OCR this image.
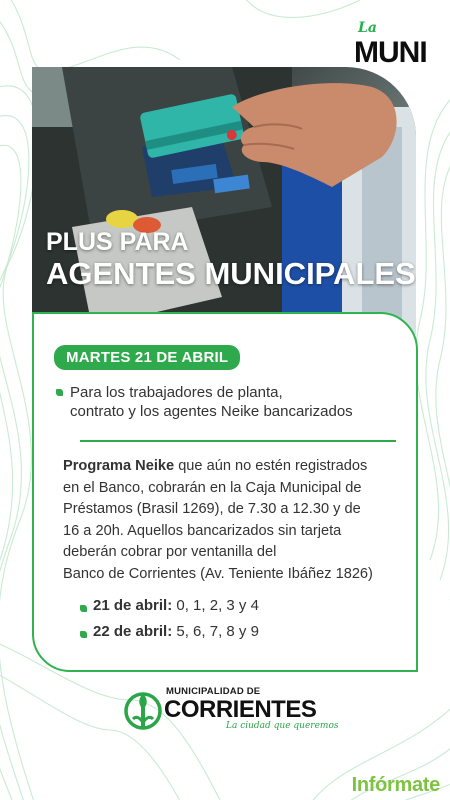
La
MUNI
PLUS PARA
AGENTES MUNICIPALES
MARTES 21 DE ABRIL
Para los trabajadores de planta,
contrato y los agentes Neike bancarizados
Programa Neike que aún no estén registrados
en el Banco, cobrarán en la Caja Municipal de
Préstamos (Brasil 1269), de 7.30 a 12.30 y de
16 a 20h. Aquellos bancarizados sin tarjeta
deberán cobrar por ventanilla del
Banco de Corrientes (Av. Teniente Ibáñez 1826)
21 de abril: 0, 1, 2, 3 y 4
22 de abril: 5, 6, 7, 8 y 9
MUNICIPALIDAD DE
CORRIENTES
La ciudad que queremos
Infórmate
